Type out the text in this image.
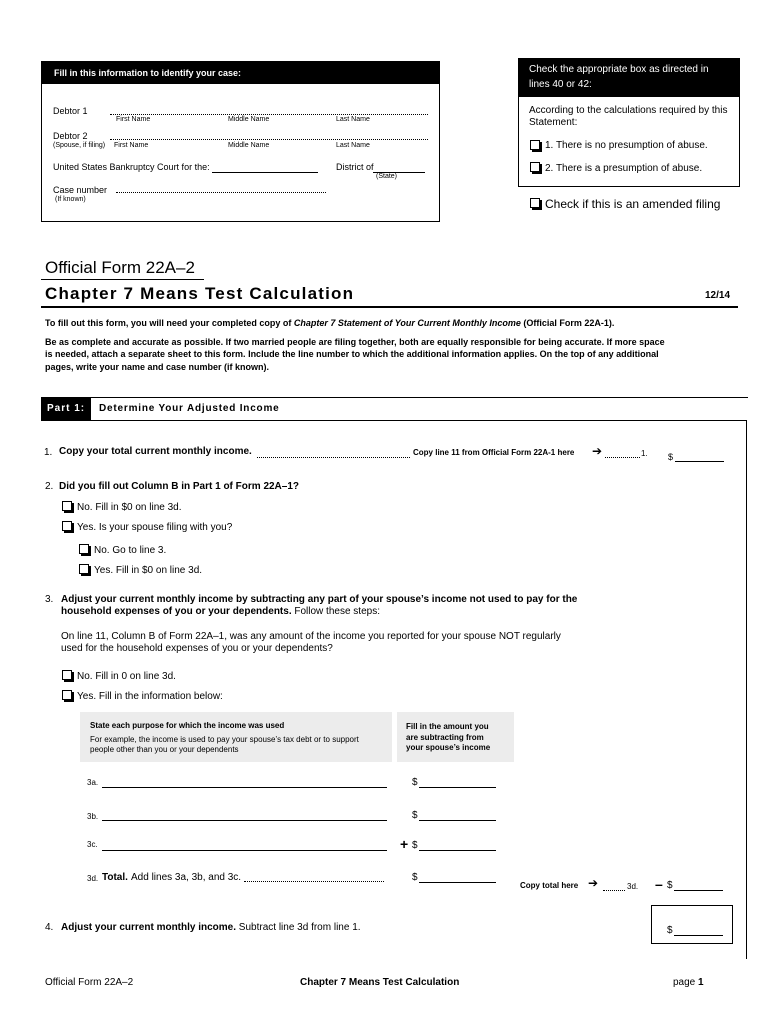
Fill in this information to identify your case:
Debtor 1
First Name	Middle Name	Last Name
Debtor 2
(Spouse, if filing) First Name	Middle Name	Last Name
United States Bankruptcy Court for the:	District of
(State)
Case number
(If known)
Check the appropriate box as directed in lines 40 or 42:
According to the calculations required by this Statement:
1. There is no presumption of abuse.
2. There is a presumption of abuse.
Check if this is an amended filing
Official Form 22A–2
Chapter 7 Means Test Calculation	12/14
To fill out this form, you will need your completed copy of Chapter 7 Statement of Your Current Monthly Income (Official Form 22A-1).
Be as complete and accurate as possible. If two married people are filing together, both are equally responsible for being accurate. If more space
is needed, attach a separate sheet to this form. Include the line number to which the additional information applies. On the top of any additional
pages, write your name and case number (if known).
Part 1: Determine Your Adjusted Income
1. Copy your total current monthly income.	Copy line 11 from Official Form 22A-1 here ➔	1. $
2. Did you fill out Column B in Part 1 of Form 22A–1?
No. Fill in $0 on line 3d.
Yes. Is your spouse filing with you?
No. Go to line 3.
Yes. Fill in $0 on line 3d.
3. Adjust your current monthly income by subtracting any part of your spouse’s income not used to pay for the
household expenses of you or your dependents. Follow these steps:
On line 11, Column B of Form 22A–1, was any amount of the income you reported for your spouse NOT regularly
used for the household expenses of you or your dependents?
No. Fill in 0 on line 3d.
Yes. Fill in the information below:
State each purpose for which the income was used
For example, the income is used to pay your spouse’s tax debt or to support
people other than you or your dependents
Fill in the amount you
are subtracting from
your spouse’s income
3a.	$
3b.	$
3c.	+ $
3d. Total. Add lines 3a, 3b, and 3c.	$
Copy total here ➔	3d. – $
4. Adjust your current monthly income. Subtract line 3d from line 1.	$
Official Form 22A–2	Chapter 7 Means Test Calculation	page 1
